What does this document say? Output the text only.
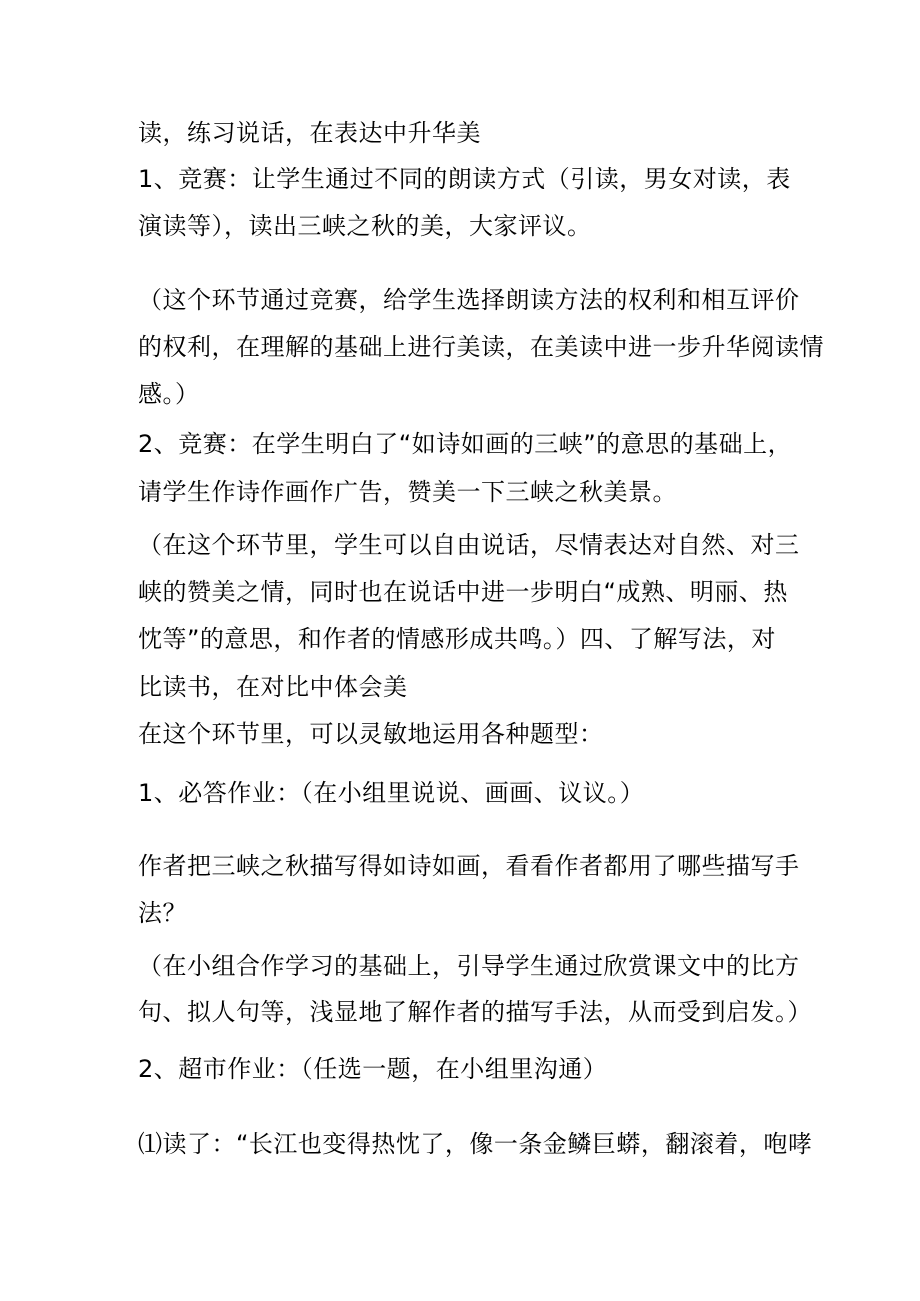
读，练习说话，在表达中升华美
1、竞赛：让学生通过不同的朗读方式（引读，男女对读，表
演读等），读出三峡之秋的美，大家评议。
（这个环节通过竞赛，给学生选择朗读方法的权利和相互评价
的权利，在理解的基础上进行美读，在美读中进一步升华阅读情
感。）
2、竞赛：在学生明白了“如诗如画的三峡”的意思的基础上，
请学生作诗作画作广告，赞美一下三峡之秋美景。
（在这个环节里，学生可以自由说话，尽情表达对自然、对三
峡的赞美之情，同时也在说话中进一步明白“成熟、明丽、热
忱等”的意思，和作者的情感形成共鸣。）四、了解写法，对
比读书，在对比中体会美
在这个环节里，可以灵敏地运用各种题型：
1、必答作业：（在小组里说说、画画、议议。）
作者把三峡之秋描写得如诗如画，看看作者都用了哪些描写手
法？
（在小组合作学习的基础上，引导学生通过欣赏课文中的比方
句、拟人句等，浅显地了解作者的描写手法，从而受到启发。）
2、超市作业：（任选一题，在小组里沟通）
⑴读了：“长江也变得热忱了，像一条金鳞巨蟒，翻滚着，咆哮
